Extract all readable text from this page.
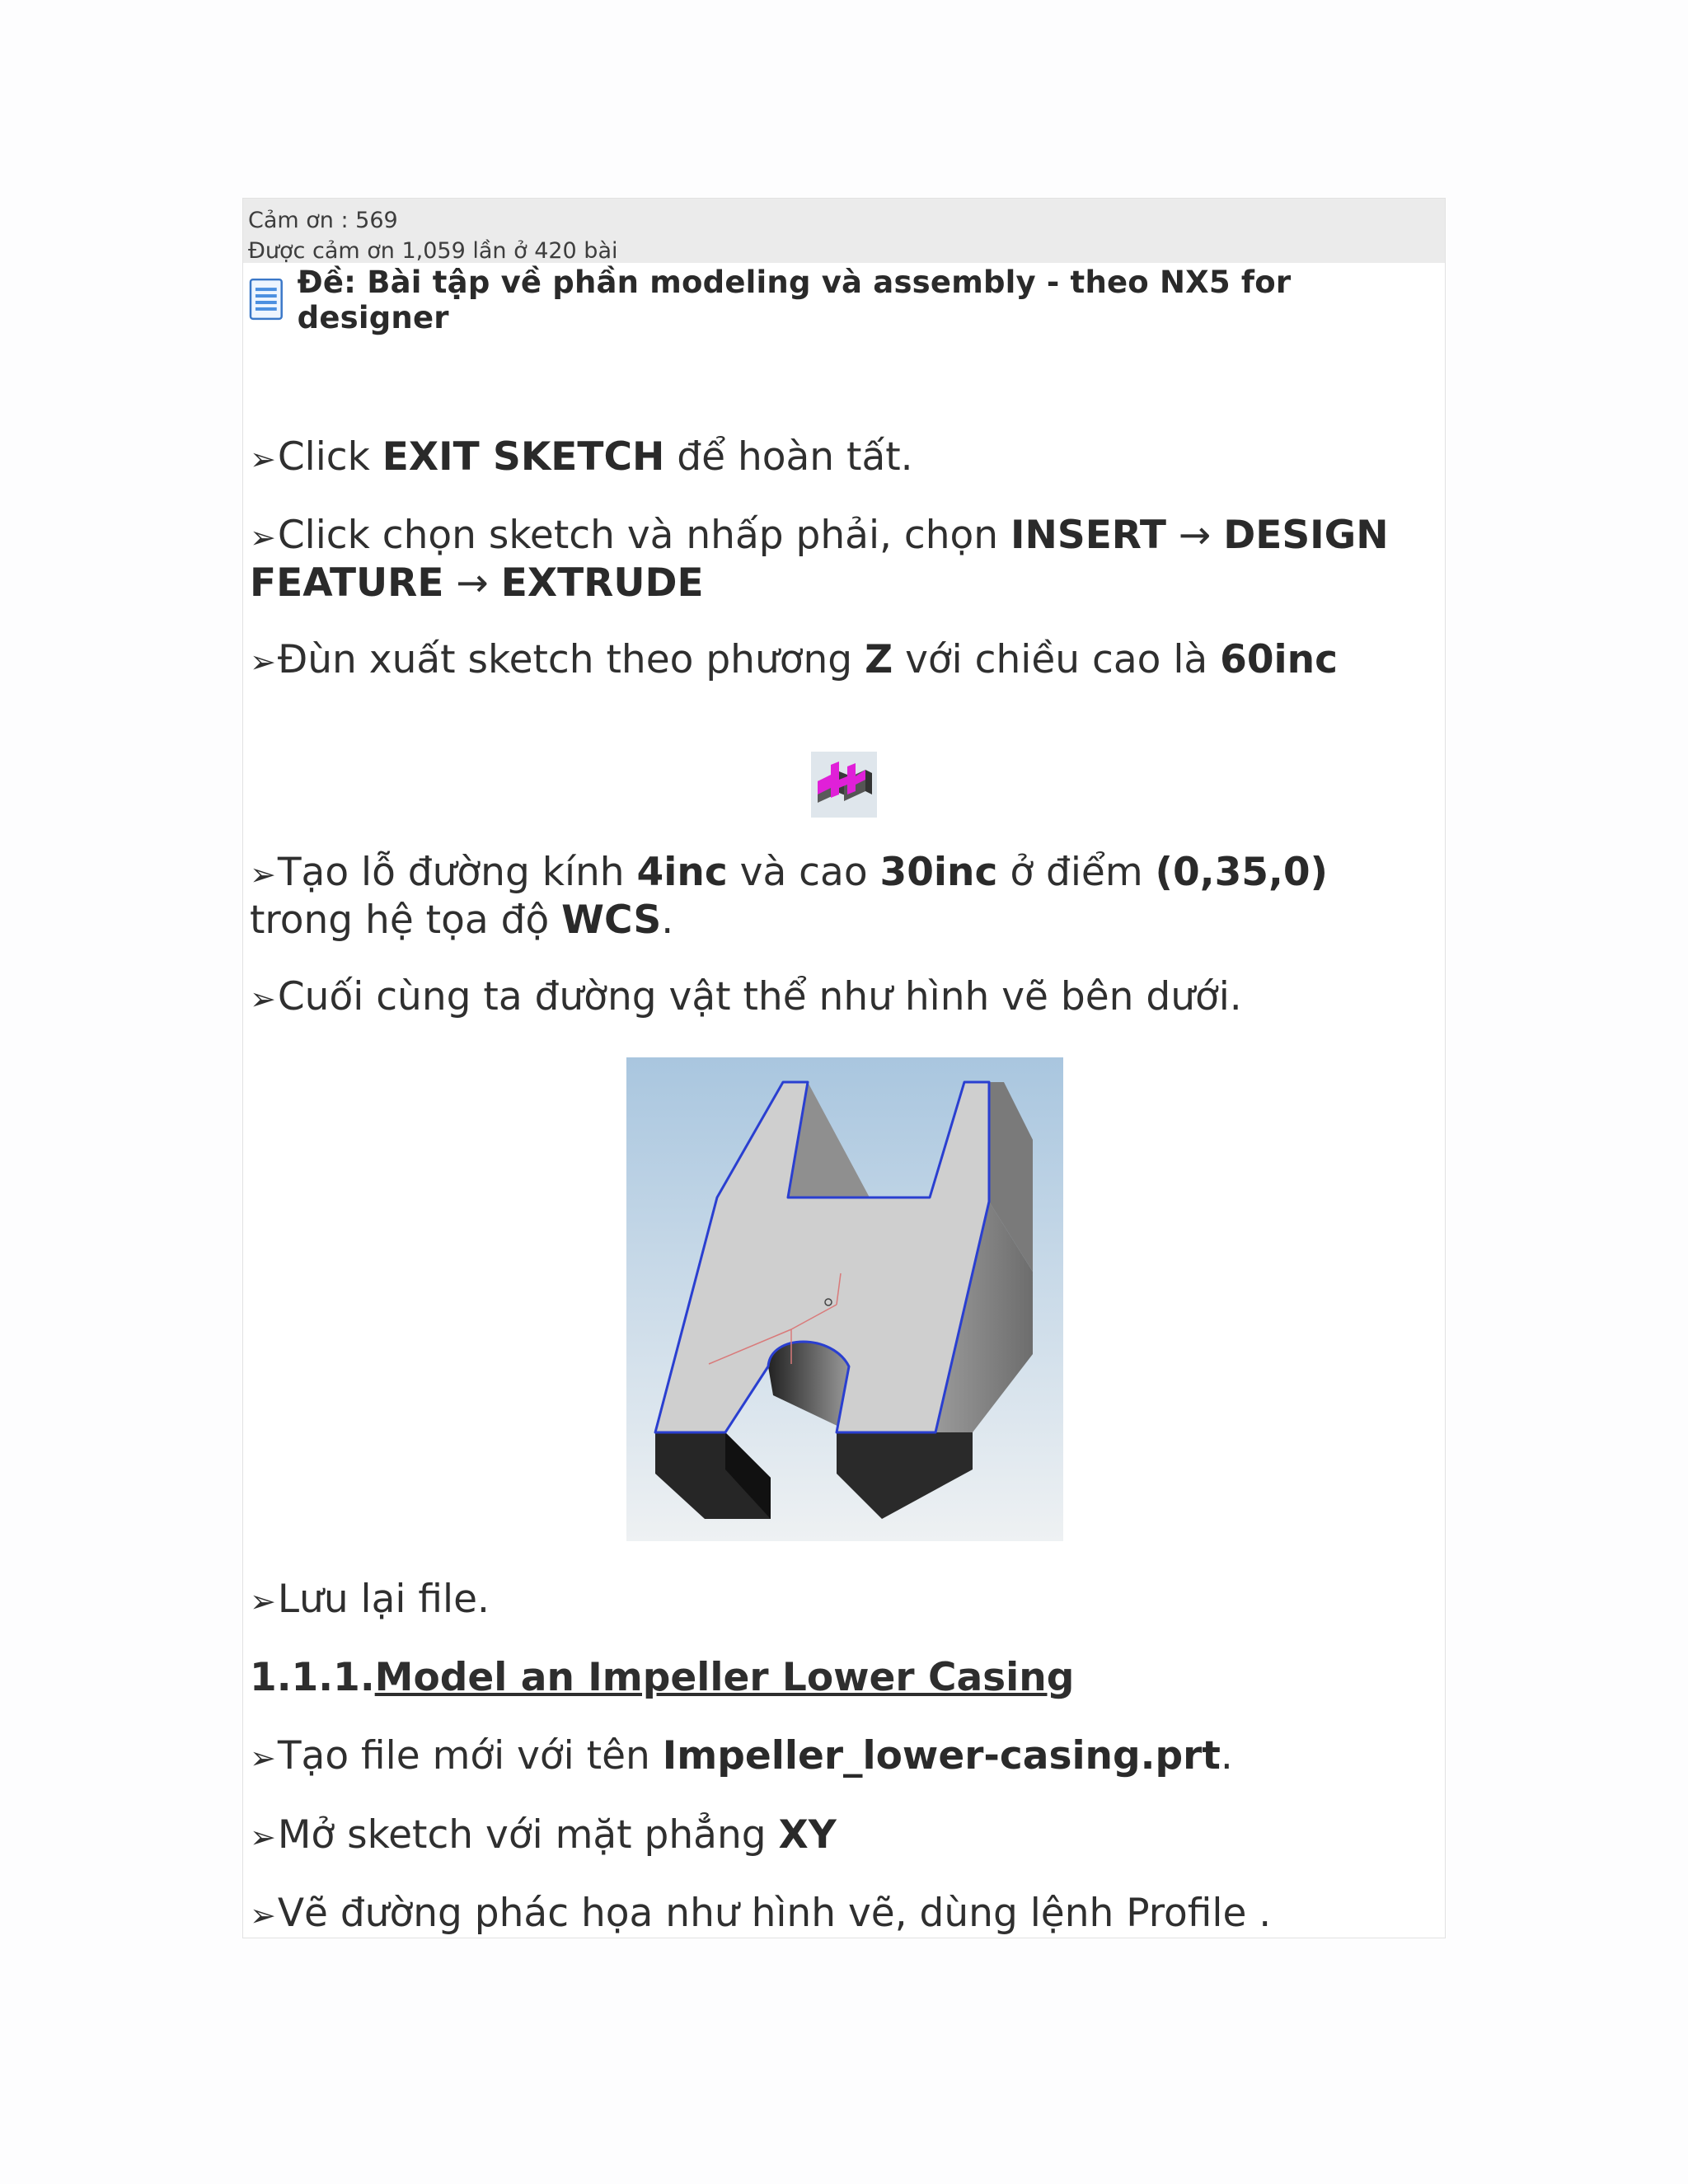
Cảm ơn : 569
Được cảm ơn 1,059 lần ở 420 bài
Đề: Bài tập về phần modeling và assembly - theo NX5 for designer

➢Click EXIT SKETCH để hoàn tất.

➢Click chọn sketch và nhấp phải, chọn INSERT → DESIGN FEATURE → EXTRUDE

➢Đùn xuất sketch theo phương Z với chiều cao là 60inc

➢Tạo lỗ đường kính 4inc và cao 30inc ở điểm (0,35,0) trong hệ tọa độ WCS.

➢Cuối cùng ta đường vật thể như hình vẽ bên dưới.

➢Lưu lại file.

1.1.1.Model an Impeller Lower Casing

➢Tạo file mới với tên Impeller_lower-casing.prt.

➢Mở sketch với mặt phẳng XY

➢Vẽ đường phác họa như hình vẽ, dùng lệnh Profile .
